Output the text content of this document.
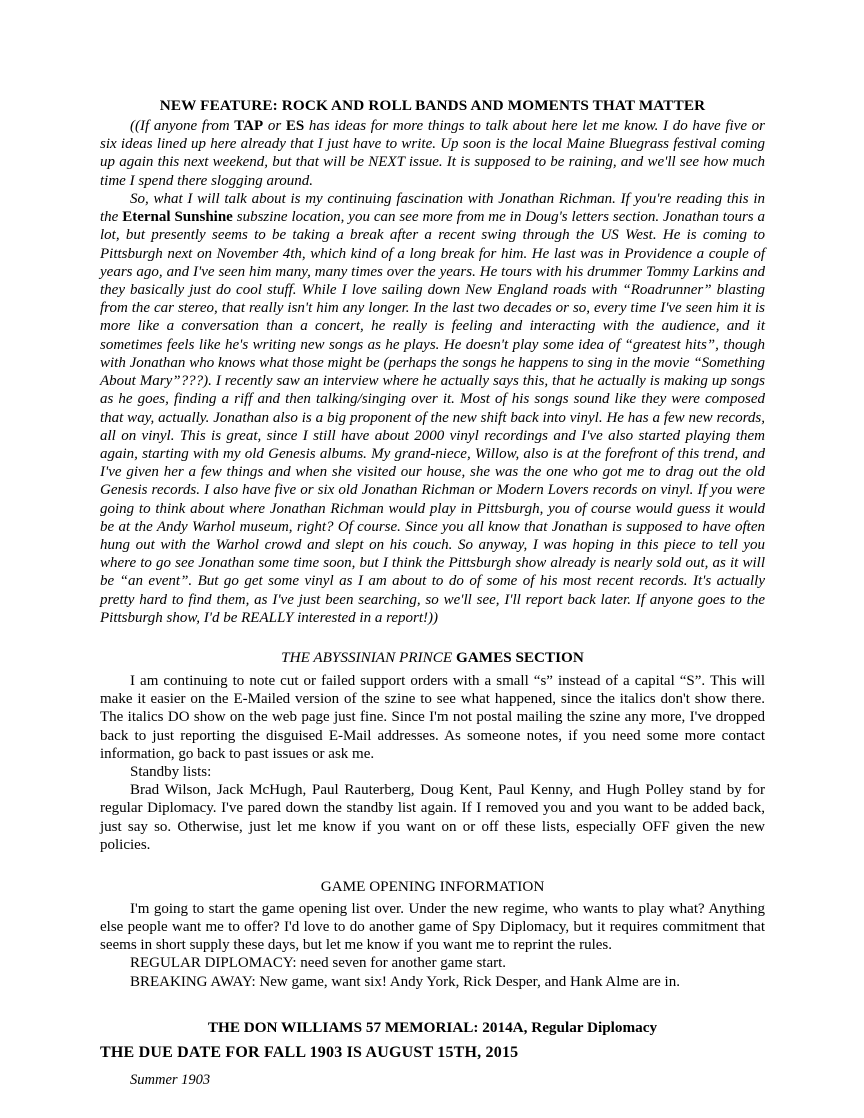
NEW FEATURE: ROCK AND ROLL BANDS AND MOMENTS THAT MATTER

((If anyone from TAP or ES has ideas for more things to talk about here let me know. I do have five or six ideas lined up here already that I just have to write. Up soon is the local Maine Bluegrass festival coming up again this next weekend, but that will be NEXT issue. It is supposed to be raining, and we'll see how much time I spend there slogging around.

So, what I will talk about is my continuing fascination with Jonathan Richman. If you're reading this in the Eternal Sunshine subszine location, you can see more from me in Doug's letters section. Jonathan tours a lot, but presently seems to be taking a break after a recent swing through the US West. He is coming to Pittsburgh next on November 4th, which kind of a long break for him. He last was in Providence a couple of years ago, and I've seen him many, many times over the years. He tours with his drummer Tommy Larkins and they basically just do cool stuff. While I love sailing down New England roads with “Roadrunner” blasting from the car stereo, that really isn't him any longer. In the last two decades or so, every time I've seen him it is more like a conversation than a concert, he really is feeling and interacting with the audience, and it sometimes feels like he's writing new songs as he plays. He doesn't play some idea of “greatest hits”, though with Jonathan who knows what those might be (perhaps the songs he happens to sing in the movie “Something About Mary”???). I recently saw an interview where he actually says this, that he actually is making up songs as he goes, finding a riff and then talking/singing over it. Most of his songs sound like they were composed that way, actually. Jonathan also is a big proponent of the new shift back into vinyl. He has a few new records, all on vinyl. This is great, since I still have about 2000 vinyl recordings and I've also started playing them again, starting with my old Genesis albums. My grand-niece, Willow, also is at the forefront of this trend, and I've given her a few things and when she visited our house, she was the one who got me to drag out the old Genesis records. I also have five or six old Jonathan Richman or Modern Lovers records on vinyl. If you were going to think about where Jonathan Richman would play in Pittsburgh, you of course would guess it would be at the Andy Warhol museum, right? Of course. Since you all know that Jonathan is supposed to have often hung out with the Warhol crowd and slept on his couch. So anyway, I was hoping in this piece to tell you where to go see Jonathan some time soon, but I think the Pittsburgh show already is nearly sold out, as it will be “an event”. But go get some vinyl as I am about to do of some of his most recent records. It's actually pretty hard to find them, as I've just been searching, so we'll see, I'll report back later. If anyone goes to the Pittsburgh show, I'd be REALLY interested in a report!))

THE ABYSSINIAN PRINCE GAMES SECTION

I am continuing to note cut or failed support orders with a small “s” instead of a capital “S”. This will make it easier on the E-Mailed version of the szine to see what happened, since the italics don't show there. The italics DO show on the web page just fine. Since I'm not postal mailing the szine any more, I've dropped back to just reporting the disguised E-Mail addresses. As someone notes, if you need some more contact information, go back to past issues or ask me.

Standby lists:

Brad Wilson, Jack McHugh, Paul Rauterberg, Doug Kent, Paul Kenny, and Hugh Polley stand by for regular Diplomacy. I've pared down the standby list again. If I removed you and you want to be added back, just say so. Otherwise, just let me know if you want on or off these lists, especially OFF given the new policies.

GAME OPENING INFORMATION

I'm going to start the game opening list over. Under the new regime, who wants to play what? Anything else people want me to offer? I'd love to do another game of Spy Diplomacy, but it requires commitment that seems in short supply these days, but let me know if you want me to reprint the rules.

REGULAR DIPLOMACY: need seven for another game start.

BREAKING AWAY: New game, want six! Andy York, Rick Desper, and Hank Alme are in.

THE DON WILLIAMS 57 MEMORIAL: 2014A, Regular Diplomacy
THE DUE DATE FOR FALL 1903 IS AUGUST 15TH, 2015
Summer 1903
